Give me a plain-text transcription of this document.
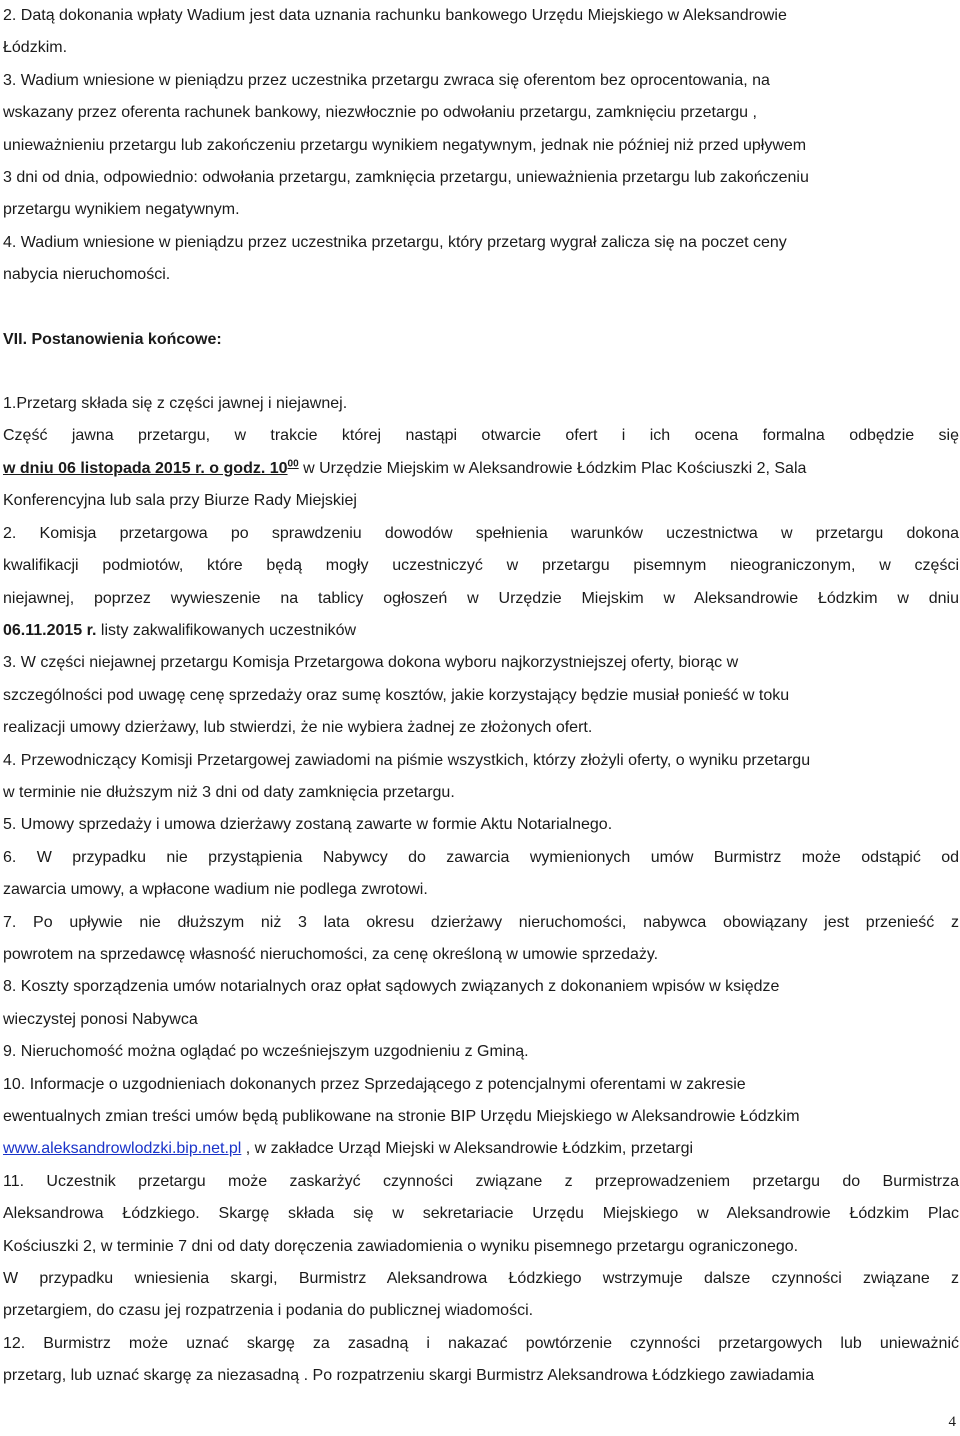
2. Datą dokonania wpłaty Wadium jest data uznania rachunku bankowego Urzędu Miejskiego w Aleksandrowie

Łódzkim.

3. Wadium wniesione w pieniądzu przez uczestnika przetargu zwraca się oferentom bez oprocentowania, na

wskazany przez oferenta rachunek bankowy, niezwłocznie po odwołaniu przetargu, zamknięciu przetargu ,

unieważnieniu przetargu lub zakończeniu przetargu wynikiem negatywnym, jednak nie później niż przed upływem

3 dni od dnia, odpowiednio: odwołania przetargu, zamknięcia przetargu, unieważnienia przetargu lub zakończeniu

przetargu wynikiem negatywnym.

4. Wadium wniesione w pieniądzu przez uczestnika przetargu, który przetarg wygrał zalicza się na poczet ceny

nabycia nieruchomości.

VII. Postanowienia końcowe:

1.Przetarg składa się z części jawnej i niejawnej.

Część jawna przetargu, w trakcie której nastąpi otwarcie ofert i ich ocena formalna odbędzie się

w dniu 06 listopada 2015 r. o godz. $10^{00}$ w Urzędzie Miejskim w Aleksandrowie Łódzkim Plac Kościuszki 2, Sala

Konferencyjna lub sala przy Biurze Rady Miejskiej

2. Komisja przetargowa po sprawdzeniu dowodów spełnienia warunków uczestnictwa w przetargu dokona

kwalifikacji podmiotów, które będą mogły uczestniczyć w przetargu pisemnym nieograniczonym, w części

niejawnej, poprzez wywieszenie na tablicy ogłoszeń w Urzędzie Miejskim w Aleksandrowie Łódzkim w dniu

06.11.2015 r. listy zakwalifikowanych uczestników

3. W części niejawnej przetargu Komisja Przetargowa dokona wyboru najkorzystniejszej oferty, biorąc w

szczególności pod uwagę cenę sprzedaży oraz sumę kosztów, jakie korzystający będzie musiał ponieść w toku

realizacji umowy dzierżawy, lub stwierdzi, że nie wybiera żadnej ze złożonych ofert.

4. Przewodniczący Komisji Przetargowej zawiadomi na piśmie wszystkich, którzy złożyli oferty, o wyniku przetargu

w terminie nie dłuższym niż 3 dni od daty zamknięcia przetargu.

5. Umowy sprzedaży i umowa dzierżawy zostaną zawarte w formie Aktu Notarialnego.

6. W przypadku nie przystąpienia Nabywcy do zawarcia wymienionych umów Burmistrz może odstąpić od

zawarcia umowy, a wpłacone wadium nie podlega zwrotowi.

7. Po upływie nie dłuższym niż 3 lata okresu dzierżawy nieruchomości, nabywca obowiązany jest przenieść z

powrotem na sprzedawcę własność nieruchomości, za cenę określoną w umowie sprzedaży.

8. Koszty sporządzenia umów notarialnych oraz opłat sądowych związanych z dokonaniem wpisów w księdze

wieczystej ponosi Nabywca

9. Nieruchomość można oglądać po wcześniejszym uzgodnieniu z Gminą.

10. Informacje o uzgodnieniach dokonanych przez Sprzedającego z potencjalnymi oferentami w zakresie

ewentualnych zmian treści umów będą publikowane na stronie BIP Urzędu Miejskiego w Aleksandrowie Łódzkim

www.aleksandrowlodzki.bip.net.pl , w zakładce Urząd Miejski w Aleksandrowie Łódzkim, przetargi

11. Uczestnik przetargu może zaskarżyć czynności związane z przeprowadzeniem przetargu do Burmistrza

Aleksandrowa Łódzkiego. Skargę składa się w sekretariacie Urzędu Miejskiego w Aleksandrowie Łódzkim Plac

Kościuszki 2, w terminie 7 dni od daty doręczenia zawiadomienia o wyniku pisemnego przetargu ograniczonego.

W przypadku wniesienia skargi, Burmistrz Aleksandrowa Łódzkiego wstrzymuje dalsze czynności związane z

przetargiem, do czasu jej rozpatrzenia i podania do publicznej wiadomości.

12. Burmistrz może uznać skargę za zasadną i nakazać powtórzenie czynności przetargowych lub unieważnić

przetarg, lub uznać skargę za niezasadną . Po rozpatrzeniu skargi Burmistrz Aleksandrowa Łódzkiego zawiadamia

4
